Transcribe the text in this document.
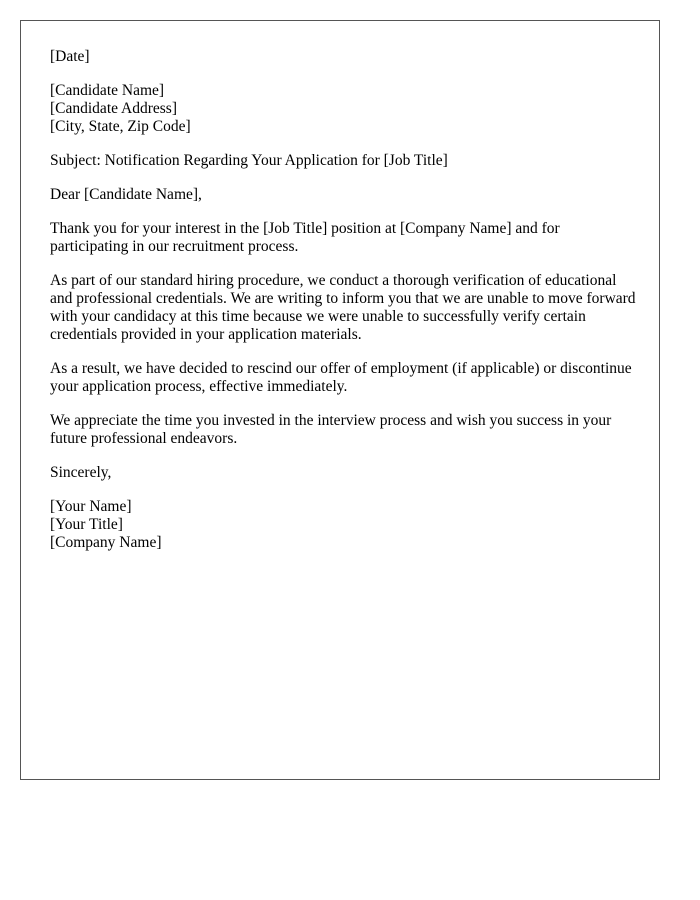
[Date]
[Candidate Name]
[Candidate Address]
[City, State, Zip Code]
Subject: Notification Regarding Your Application for [Job Title]
Dear [Candidate Name],

Thank you for your interest in the [Job Title] position at [Company Name] and for participating in our recruitment process.

As part of our standard hiring procedure, we conduct a thorough verification of educational and professional credentials. We are writing to inform you that we are unable to move forward with your candidacy at this time because we were unable to successfully verify certain credentials provided in your application materials.

As a result, we have decided to rescind our offer of employment (if applicable) or discontinue your application process, effective immediately.

We appreciate the time you invested in the interview process and wish you success in your future professional endeavors.

Sincerely,
[Your Name]
[Your Title]
[Company Name]
